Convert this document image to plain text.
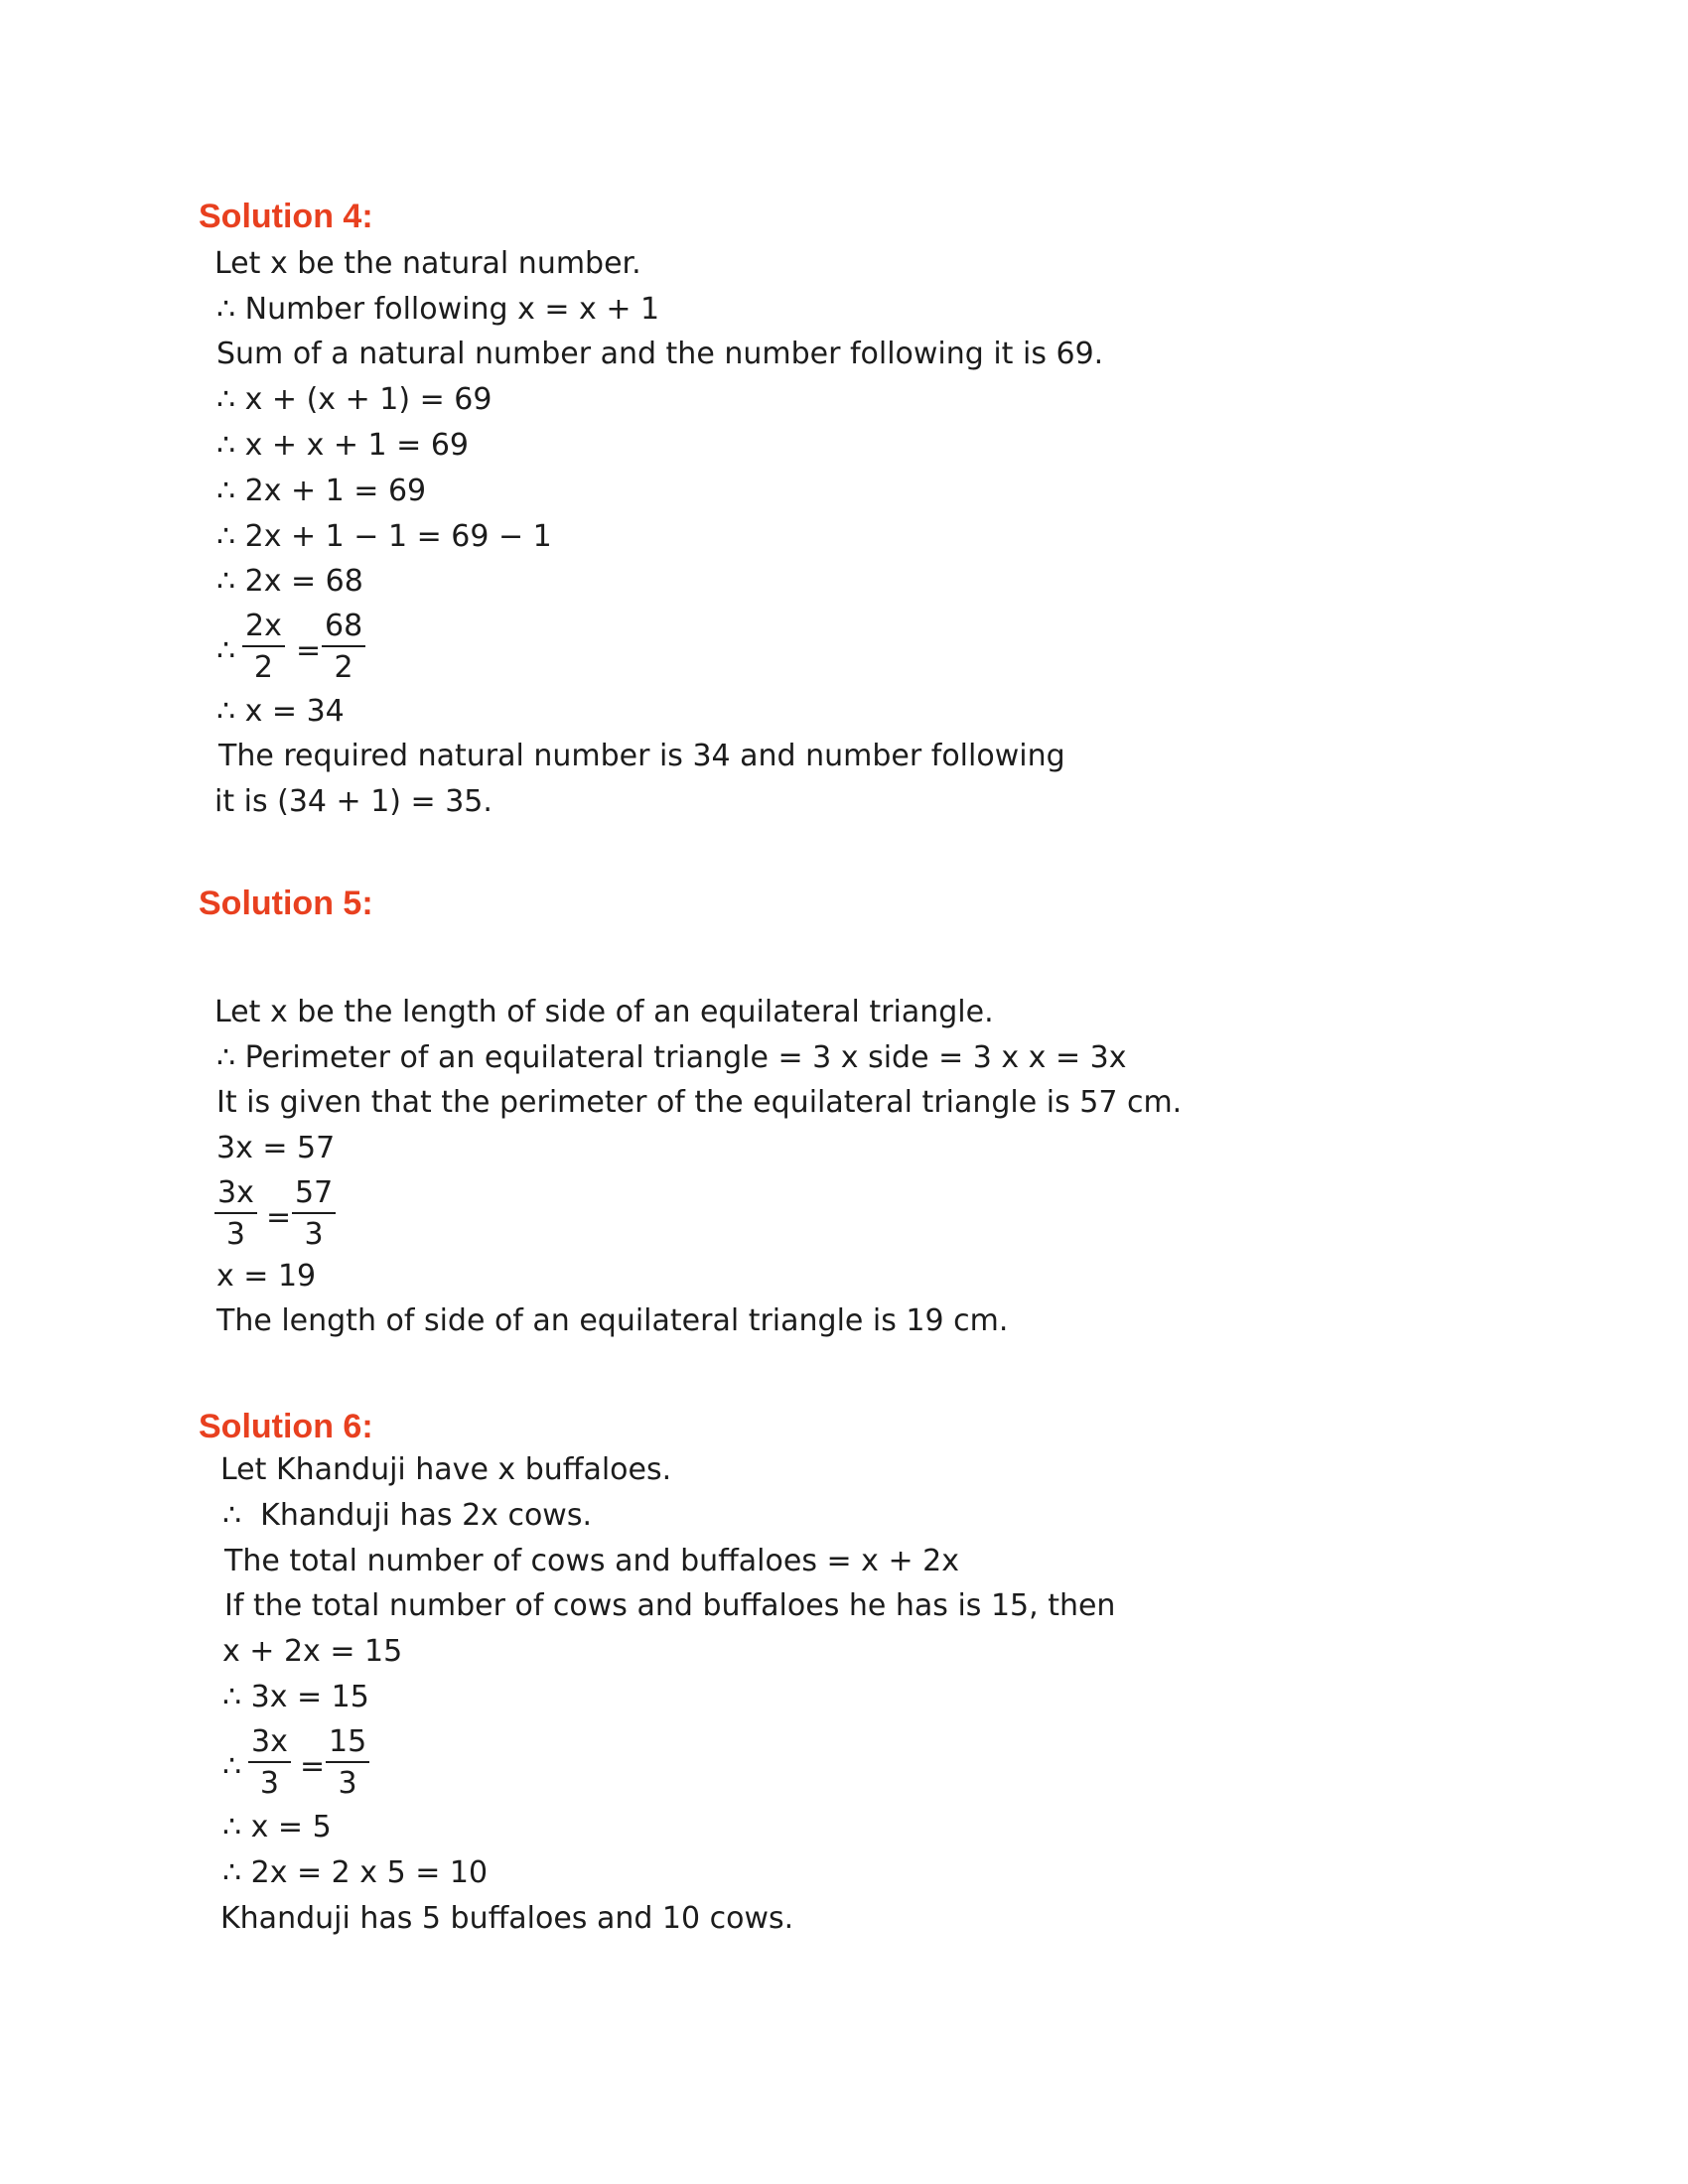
Solution 4:

Let x be the natural number.

∴ Number following x = x + 1

Sum of a natural number and the number following it is 69.

∴ x + (x + 1) = 69

∴ x + x + 1 = 69

∴ 2x + 1 = 69

∴ 2x + 1 − 1 = 69 − 1

∴ 2x = 68

∴ $\frac{2x}{2} = \frac{68}{2}$

∴ x = 34

The required natural number is 34 and number following

it is (34 + 1) = 35.

Solution 5:

Let x be the length of side of an equilateral triangle.

∴ Perimeter of an equilateral triangle = 3 x side = 3 x x = 3x

It is given that the perimeter of the equilateral triangle is 57 cm.

3x = 57

$\frac{3x}{3} = \frac{57}{3}$

x = 19

The length of side of an equilateral triangle is 19 cm.

Solution 6:

Let Khanduji have x buffaloes.

∴  Khanduji has 2x cows.

The total number of cows and buffaloes = x + 2x

If the total number of cows and buffaloes he has is 15, then

x + 2x = 15

∴ 3x = 15

∴ $\frac{3x}{3} = \frac{15}{3}$

∴ x = 5

∴ 2x = 2 x 5 = 10

Khanduji has 5 buffaloes and 10 cows.
